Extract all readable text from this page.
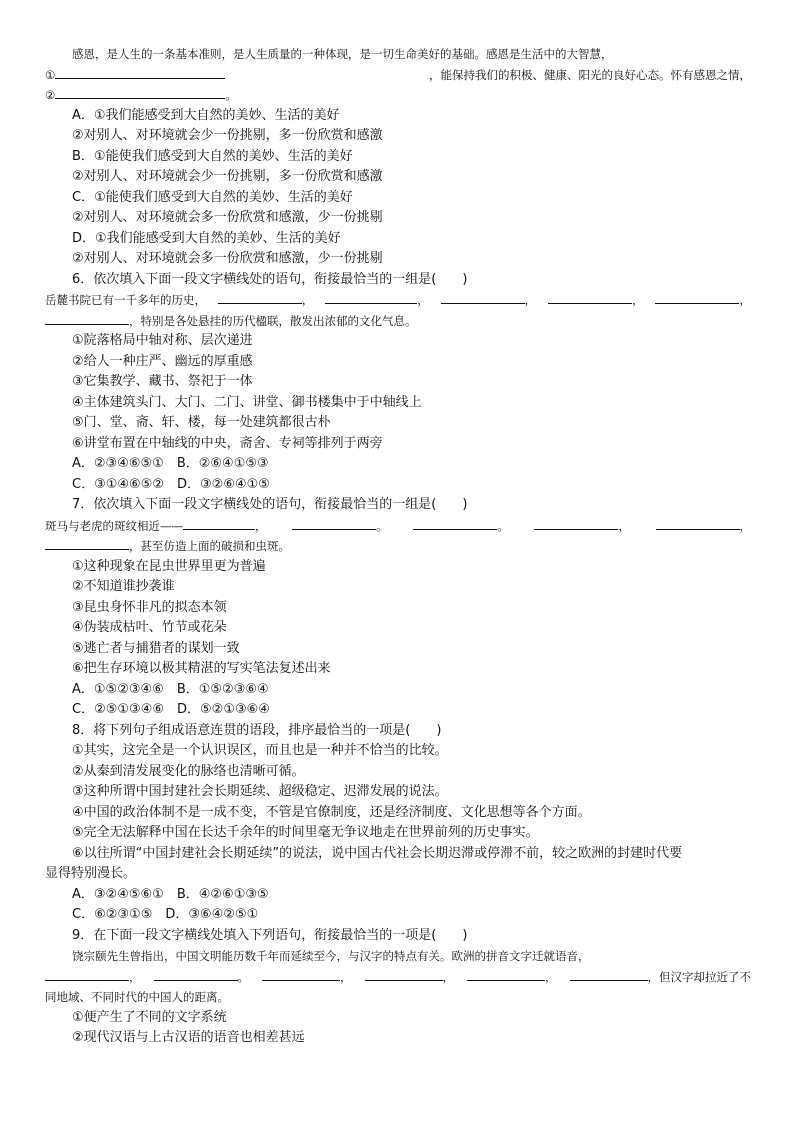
感恩，是人生的一条基本准则，是人生质量的一种体现，是一切生命美好的基础。感恩是生活中的大智慧，
①	，能保持我们的积极、健康、阳光的良好心态。怀有感恩之情，
②	。
A．①我们能感受到大自然的美妙、生活的美好
②对别人、对环境就会少一份挑剔，多一份欣赏和感激
B．①能使我们感受到大自然的美妙、生活的美好
②对别人、对环境就会少一份挑剔，多一份欣赏和感激
C．①能使我们感受到大自然的美妙、生活的美好
②对别人、对环境就会多一份欣赏和感激，少一份挑剔
D．①我们能感受到大自然的美妙、生活的美好
②对别人、对环境就会多一份欣赏和感激，少一份挑剔
6．依次填入下面一段文字横线处的语句，衔接最恰当的一组是(　　)
岳麓书院已有一千多年的历史，	，	，	，	，	，
，特别是各处悬挂的历代楹联，散发出浓郁的文化气息。
①院落格局中轴对称、层次递进
②给人一种庄严、幽远的厚重感
③它集教学、藏书、祭祀于一体
④主体建筑头门、大门、二门、讲堂、御书楼集中于中轴线上
⑤门、堂、斋、轩、楼，每一处建筑都很古朴
⑥讲堂布置在中轴线的中央，斋舍、专祠等排列于两旁
A．②③④⑥⑤①　B．②⑥④①⑤③
C．③①④⑥⑤②　D．③②⑥④①⑤
7．依次填入下面一段文字横线处的语句，衔接最恰当的一组是(　　)
斑马与老虎的斑纹相近——	，	。	。	，	，
，甚至仿造上面的破损和虫斑。
①这种现象在昆虫世界里更为普遍
②不知道谁抄袭谁
③昆虫身怀非凡的拟态本领
④伪装成枯叶、竹节或花朵
⑤逃亡者与捕猎者的谋划一致
⑥把生存环境以极其精湛的写实笔法复述出来
A．①⑤②③④⑥　B．①⑤②③⑥④
C．②⑤①③④⑥　D．⑤②①③⑥④
8．将下列句子组成语意连贯的语段，排序最恰当的一项是(　　)
①其实，这完全是一个认识误区，而且也是一种并不恰当的比较。
②从秦到清发展变化的脉络也清晰可循。
③这种所谓中国封建社会长期延续、超级稳定、迟滞发展的说法。
④中国的政治体制不是一成不变，不管是官僚制度，还是经济制度、文化思想等各个方面。
⑤完全无法解释中国在长达千余年的时间里毫无争议地走在世界前列的历史事实。
⑥以往所谓“中国封建社会长期延续”的说法，说中国古代社会长期迟滞或停滞不前，较之欧洲的封建时代要
显得特别漫长。
A．③②④⑤⑥①　B．④②⑥①③⑤
C．⑥②③①⑤　D．③⑥④②⑤①
9．在下面一段文字横线处填入下列语句，衔接最恰当的一项是(　　)
饶宗颐先生曾指出，中国文明能历数千年而延续至今，与汉字的特点有关。欧洲的拼音文字迁就语音，
，	。	，	，	，	，但汉字却拉近了不
同地域、不同时代的中国人的距离。
①便产生了不同的文字系统
②现代汉语与上古汉语的语音也相差甚远
